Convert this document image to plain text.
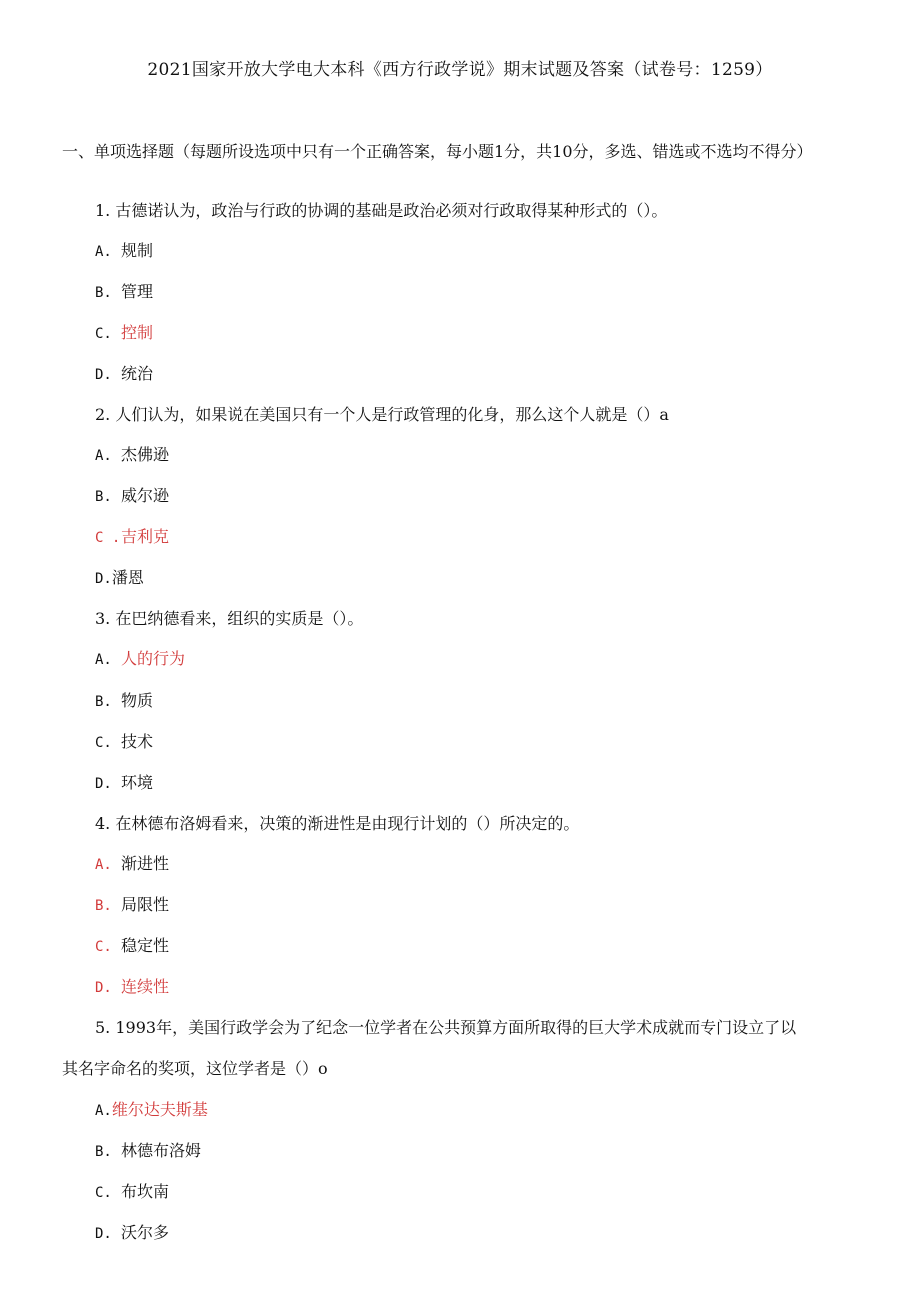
2021国家开放大学电大本科《西方行政学说》期末试题及答案（试卷号：1259）
一、单项选择题（每题所设选项中只有一个正确答案，每小题1分，共10分，多选、错选或不选均不得分）
1. 古德诺认为，政治与行政的协调的基础是政治必须对行政取得某种形式的（）。
A. 规制
B. 管理
C. 控制
D. 统治
2. 人们认为，如果说在美国只有一个人是行政管理的化身，那么这个人就是（）a
A. 杰佛逊
B. 威尔逊
C .吉利克
D.潘恩
3. 在巴纳德看来，组织的实质是（）。
A. 人的行为
B. 物质
C. 技术
D. 环境
4. 在林德布洛姆看来，决策的渐进性是由现行计划的（）所决定的。
A. 渐进性
B. 局限性
C. 稳定性
D. 连续性
5. 1993年，美国行政学会为了纪念一位学者在公共预算方面所取得的巨大学术成就而专门设立了以
其名字命名的奖项，这位学者是（）o
A.维尔达夫斯基
B. 林德布洛姆
C. 布坎南
D. 沃尔多
